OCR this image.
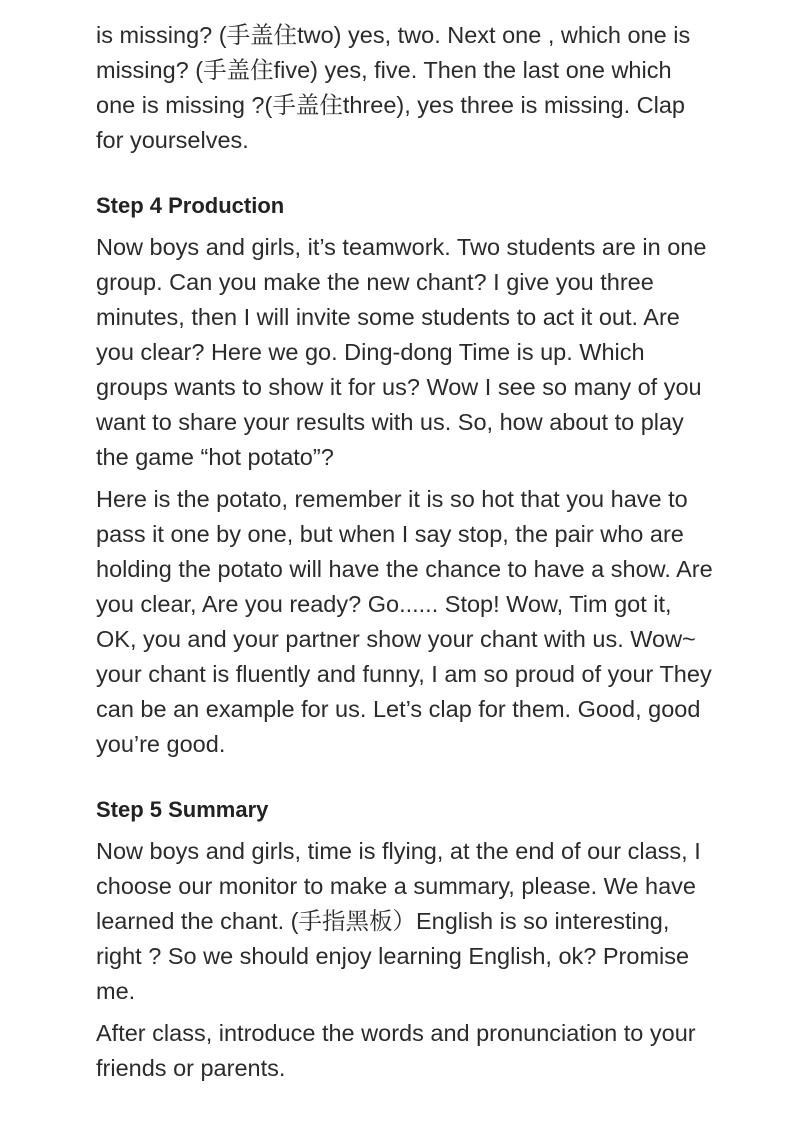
is missing? (手盖住two) yes, two. Next one , which one is missing? (手盖住five) yes, five. Then the last one which one is missing ?(手盖住three), yes three is missing. Clap for yourselves.

Step 4 Production

Now boys and girls, it’s teamwork. Two students are in one group. Can you make the new chant? I give you three minutes, then I will invite some students to act it out. Are you clear? Here we go. Ding-dong Time is up. Which groups wants to show it for us? Wow I see so many of you want to share your results with us. So, how about to play the game “hot potato”?

Here is the potato, remember it is so hot that you have to pass it one by one, but when I say stop, the pair who are holding the potato will have the chance to have a show. Are you clear, Are you ready? Go...... Stop! Wow, Tim got it, OK, you and your partner show your chant with us. Wow~ your chant is fluently and funny, I am so proud of your They can be an example for us. Let’s clap for them. Good, good you’re good.

Step 5 Summary

Now boys and girls, time is flying, at the end of our class, I choose our monitor to make a summary, please. We have learned the chant. (手指黑板）English is so interesting, right ? So we should enjoy learning English, ok? Promise me.

After class, introduce the words and pronunciation to your friends or parents.
